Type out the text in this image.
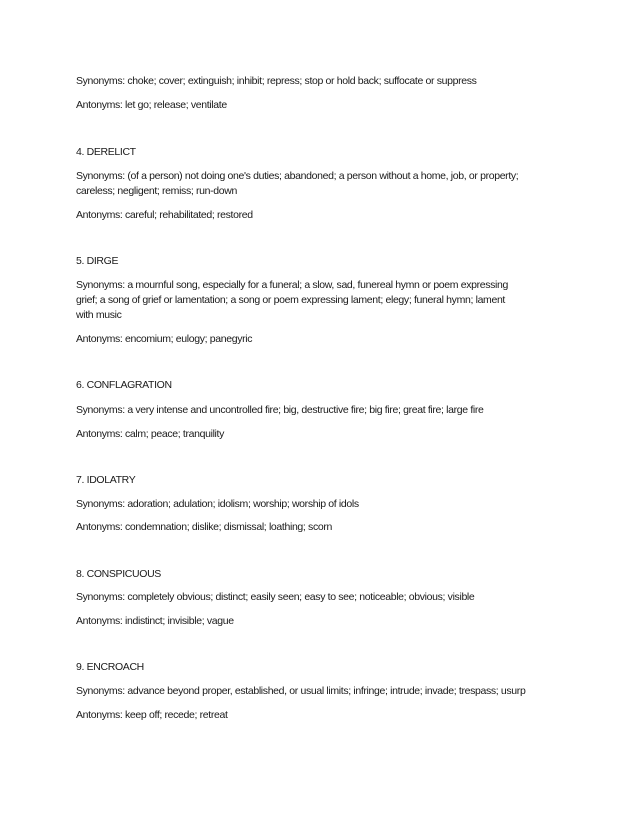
Synonyms: choke; cover; extinguish; inhibit; repress; stop or hold back; suffocate or suppress
Antonyms: let go; release; ventilate
4. DERELICT
Synonyms: (of a person) not doing one's duties; abandoned; a person without a home, job, or property;
careless; negligent; remiss; run-down
Antonyms: careful; rehabilitated; restored
5. DIRGE
Synonyms: a mournful song, especially for a funeral; a slow, sad, funereal hymn or poem expressing
grief; a song of grief or lamentation; a song or poem expressing lament; elegy; funeral hymn; lament
with music
Antonyms: encomium; eulogy; panegyric
6. CONFLAGRATION
Synonyms: a very intense and uncontrolled fire; big, destructive fire; big fire; great fire; large fire
Antonyms: calm; peace; tranquility
7. IDOLATRY
Synonyms: adoration; adulation; idolism; worship; worship of idols
Antonyms: condemnation; dislike; dismissal; loathing; scorn
8. CONSPICUOUS
Synonyms: completely obvious; distinct; easily seen; easy to see; noticeable; obvious; visible
Antonyms: indistinct; invisible; vague
9. ENCROACH
Synonyms: advance beyond proper, established, or usual limits; infringe; intrude; invade; trespass; usurp
Antonyms: keep off; recede; retreat
